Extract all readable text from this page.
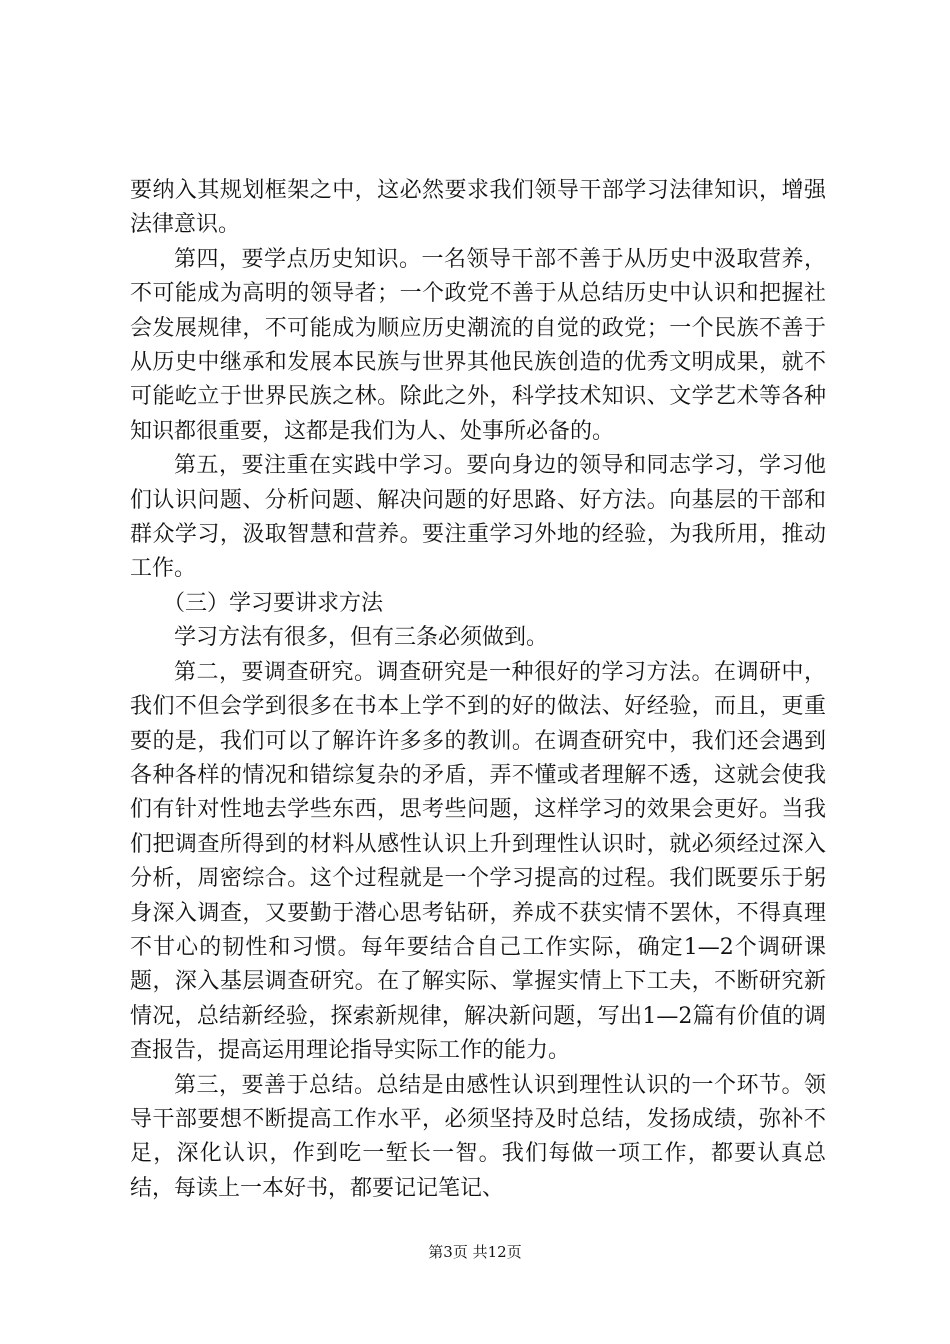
要纳入其规划框架之中，这必然要求我们领导干部学习法律知识，增强法律意识。

第四，要学点历史知识。一名领导干部不善于从历史中汲取营养，不可能成为高明的领导者；一个政党不善于从总结历史中认识和把握社会发展规律，不可能成为顺应历史潮流的自觉的政党；一个民族不善于从历史中继承和发展本民族与世界其他民族创造的优秀文明成果，就不可能屹立于世界民族之林。除此之外，科学技术知识、文学艺术等各种知识都很重要，这都是我们为人、处事所必备的。

第五，要注重在实践中学习。要向身边的领导和同志学习，学习他们认识问题、分析问题、解决问题的好思路、好方法。向基层的干部和群众学习，汲取智慧和营养。要注重学习外地的经验，为我所用，推动工作。

（三）学习要讲求方法

学习方法有很多，但有三条必须做到。

第二，要调查研究。调查研究是一种很好的学习方法。在调研中，我们不但会学到很多在书本上学不到的好的做法、好经验，而且，更重要的是，我们可以了解许许多多的教训。在调查研究中，我们还会遇到各种各样的情况和错综复杂的矛盾，弄不懂或者理解不透，这就会使我们有针对性地去学些东西，思考些问题，这样学习的效果会更好。当我们把调查所得到的材料从感性认识上升到理性认识时，就必须经过深入分析，周密综合。这个过程就是一个学习提高的过程。我们既要乐于躬身深入调查，又要勤于潜心思考钻研，养成不获实情不罢休，不得真理不甘心的韧性和习惯。每年要结合自己工作实际，确定1—2个调研课题，深入基层调查研究。在了解实际、掌握实情上下工夫，不断研究新情况，总结新经验，探索新规律，解决新问题，写出1—2篇有价值的调查报告，提高运用理论指导实际工作的能力。

第三，要善于总结。总结是由感性认识到理性认识的一个环节。领导干部要想不断提高工作水平，必须坚持及时总结，发扬成绩，弥补不足，深化认识，作到吃一堑长一智。我们每做一项工作，都要认真总结，每读上一本好书，都要记记笔记、

第3页 共12页
